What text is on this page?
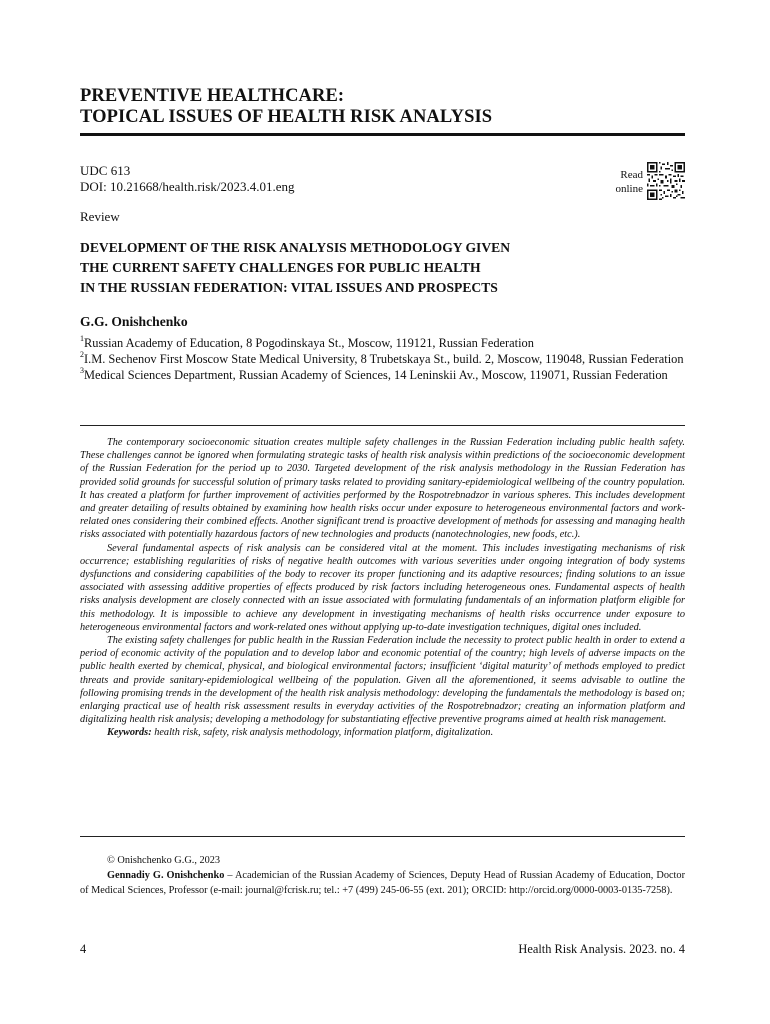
PREVENTIVE HEALTHCARE:
TOPICAL ISSUES OF HEALTH RISK ANALYSIS
UDC 613
DOI: 10.21668/health.risk/2023.4.01.eng
Read
online
Review
DEVELOPMENT OF THE RISK ANALYSIS METHODOLOGY GIVEN
THE CURRENT SAFETY CHALLENGES FOR PUBLIC HEALTH
IN THE RUSSIAN FEDERATION: VITAL ISSUES AND PROSPECTS
G.G. Onishchenko
$^1$Russian Academy of Education, 8 Pogodinskaya St., Moscow, 119121, Russian Federation
$^2$I.M. Sechenov First Moscow State Medical University, 8 Trubetskaya St., build. 2, Moscow, 119048, Russian Federation
$^3$Medical Sciences Department, Russian Academy of Sciences, 14 Leninskii Av., Moscow, 119071, Russian Federation

The contemporary socioeconomic situation creates multiple safety challenges in the Russian Federation including public health safety. These challenges cannot be ignored when formulating strategic tasks of health risk analysis within predictions of the socioeconomic development of the Russian Federation for the period up to 2030. Targeted development of the risk analysis methodology in the Russian Federation has provided solid grounds for successful solution of primary tasks related to providing sanitary-epidemiological wellbeing of the country population. It has created a platform for further improvement of activities performed by the Rospotrebnadzor in various spheres. This includes development and greater detailing of results obtained by examining how health risks occur under exposure to heterogeneous environmental factors and work-related ones considering their combined effects. Another significant trend is proactive development of methods for assessing and managing health risks associated with potentially hazardous factors of new technologies and products (nanotechnologies, new foods, etc.).

Several fundamental aspects of risk analysis can be considered vital at the moment. This includes investigating mechanisms of risk occurrence; establishing regularities of risks of negative health outcomes with various severities under ongoing integration of body systems dysfunctions and considering capabilities of the body to recover its proper functioning and its adaptive resources; finding solutions to an issue associated with assessing additive properties of effects produced by risk factors including heterogeneous ones. Fundamental aspects of health risks analysis development are closely connected with an issue associated with formulating fundamentals of an information platform eligible for this methodology. It is impossible to achieve any development in investigating mechanisms of health risks occurrence under exposure to heterogeneous environmental factors and work-related ones without applying up-to-date investigation techniques, digital ones included.

The existing safety challenges for public health in the Russian Federation include the necessity to protect public health in order to extend a period of economic activity of the population and to develop labor and economic potential of the country; high levels of adverse impacts on the public health exerted by chemical, physical, and biological environmental factors; insufficient ‘digital maturity’ of methods employed to predict threats and provide sanitary-epidemiological wellbeing of the population. Given all the aforementioned, it seems advisable to outline the following promising trends in the development of the health risk analysis methodology: developing the fundamentals the methodology is based on; enlarging practical use of health risk assessment results in everyday activities of the Rospotrebnadzor; creating an information platform and digitalizing health risk analysis; developing a methodology for substantiating effective preventive programs aimed at health risk management.

Keywords: health risk, safety, risk analysis methodology, information platform, digitalization.

© Onishchenko G.G., 2023

Gennadiy G. Onishchenko – Academician of the Russian Academy of Sciences, Deputy Head of Russian Academy of Education, Doctor of Medical Sciences, Professor (e-mail: journal@fcrisk.ru; tel.: +7 (499) 245-06-55 (ext. 201); ORCID: http://orcid.org/0000-0003-0135-7258).

4	Health Risk Analysis. 2023. no. 4
